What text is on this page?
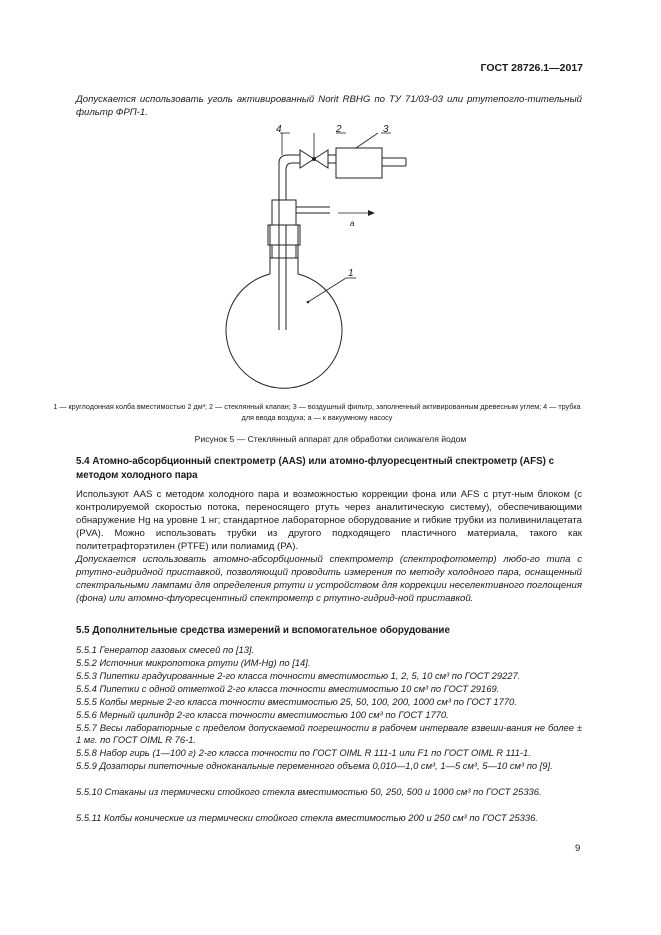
ГОСТ 28726.1—2017
Допускается использовать уголь активированный Norit RBHG по ТУ 71/03-03 или ртутепогло-тительный фильтр ФРП-1.
4	2	3
1
a
1 — круглодонная колба вместимостью 2 дм³; 2 — стеклянный клапан; 3 — воздушный фильтр, заполненный активированным древесным углем; 4 — трубка для ввода воздуха; a — к вакуумному насосу
Рисунок 5 — Стеклянный аппарат для обработки силикагеля йодом
5.4 Атомно-абсорбционный спектрометр (AAS) или атомно-флуоресцентный спектрометр (AFS) с методом холодного пара
Используют AAS с методом холодного пара и возможностью коррекции фона или AFS с ртут-ным блоком (с контролируемой скоростью потока, переносящего ртуть через аналитическую систему), обеспечивающими обнаружение Hg на уровне 1 нг; стандартное лабораторное оборудование и гибкие трубки из поливинилацетата (PVA). Можно использовать трубки из другого подходящего пластичного материала, такого как политетрафторэтилен (PTFE) или полиамид (PA).
Допускается использовать атомно-абсорбционный спектрометр (спектрофотометр) любо-го типа с ртутно-гидридной приставкой, позволяющий проводить измерения по методу холодного пара, оснащенный спектральными лампами для определения ртути и устройством для коррекции неселективного поглощения (фона) или атомно-флуоресцентный спектрометр с ртутно-гидрид-ной приставкой.
5.5 Дополнительные средства измерений и вспомогательное оборудование
5.5.1 Генератор газовых смесей по [13].
5.5.2 Источник микропотока ртути (ИМ-Hg) по [14].
5.5.3 Пипетки градуированные 2-го класса точности вместимостью 1, 2, 5, 10 см³ по ГОСТ 29227.
5.5.4 Пипетки с одной отметкой 2-го класса точности вместимостью 10 см³ по ГОСТ 29169.
5.5.5 Колбы мерные 2-го класса точности вместимостью 25, 50, 100, 200, 1000 см³ по ГОСТ 1770.
5.5.6 Мерный цилиндр 2-го класса точности вместимостью 100 см³ по ГОСТ 1770.
5.5.7 Весы лабораторные с пределом допускаемой погрешности в рабочем интервале взвеши-вания не более ± 1 мг. по ГОСТ OIML R 76-1.
5.5.8 Набор гирь (1—100 г) 2-го класса точности по ГОСТ OIML R 111-1 или F1 по ГОСТ OIML R 111-1.
5.5.9 Дозаторы пипеточные одноканальные переменного объема 0,010—1,0 см³, 1—5 см³, 5—10 см³ по [9].
5.5.10 Стаканы из термически стойкого стекла вместимостью 50, 250, 500 и 1000 см³ по ГОСТ 25336.
5.5.11 Колбы конические из термически стойкого стекла вместимостью 200 и 250 см³ по ГОСТ 25336.
9
